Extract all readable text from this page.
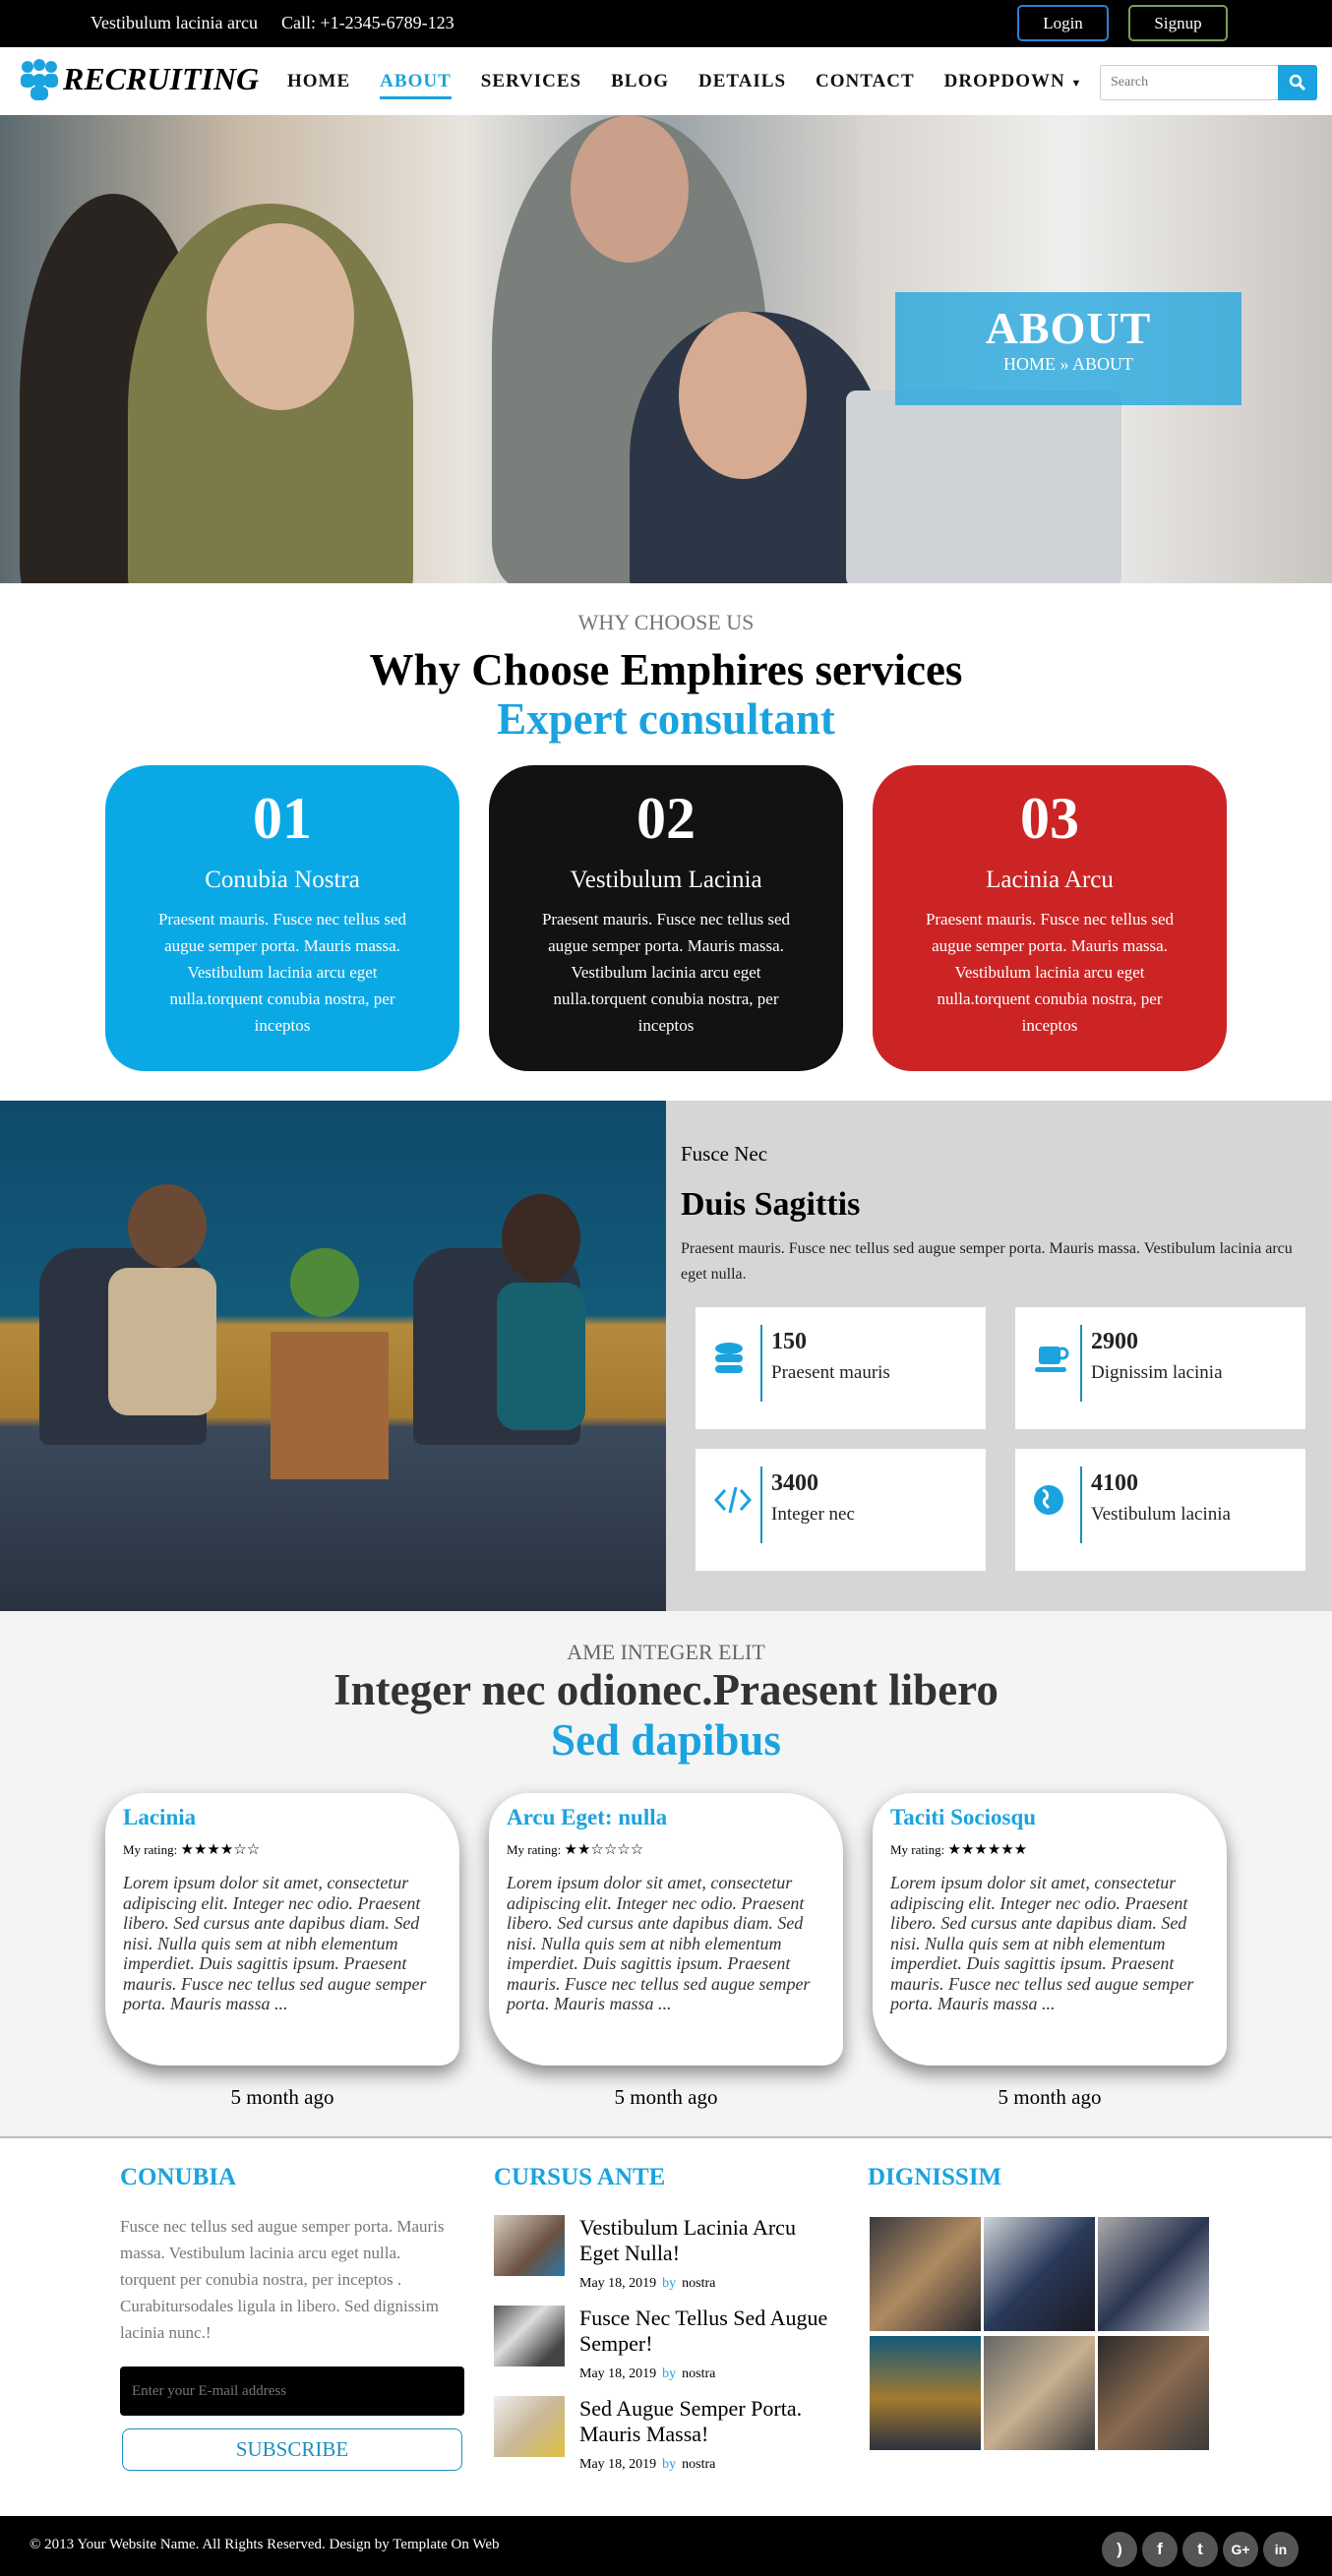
Vestibulum lacinia arcu Call: +1-2345-6789-123	Login	Signup
RECRUITING HOME ABOUT SERVICES BLOG DETAILS CONTACT DROPDOWN ▼
Search
ABOUT
HOME » ABOUT
WHY CHOOSE US
Why Choose Emphires services
Expert consultant
01
Conubia Nostra
Praesent mauris. Fusce nec tellus sed augue semper porta. Mauris massa. Vestibulum lacinia arcu eget nulla.torquent conubia nostra, per inceptos
02
Vestibulum Lacinia
Praesent mauris. Fusce nec tellus sed augue semper porta. Mauris massa. Vestibulum lacinia arcu eget nulla.torquent conubia nostra, per inceptos
03
Lacinia Arcu
Praesent mauris. Fusce nec tellus sed augue semper porta. Mauris massa. Vestibulum lacinia arcu eget nulla.torquent conubia nostra, per inceptos
Fusce Nec
Duis Sagittis
Praesent mauris. Fusce nec tellus sed augue semper porta. Mauris massa. Vestibulum lacinia arcu eget nulla.
150
Praesent mauris
2900
Dignissim lacinia
3400
Integer nec
4100
Vestibulum lacinia
AME INTEGER ELIT
Integer nec odionec.Praesent libero
Sed dapibus
Lacinia
My rating: ★★★★☆☆

Lorem ipsum dolor sit amet, consectetur adipiscing elit. Integer nec odio. Praesent libero. Sed cursus ante dapibus diam. Sed nisi. Nulla quis sem at nibh elementum imperdiet. Duis sagittis ipsum. Praesent mauris. Fusce nec tellus sed augue semper porta. Mauris massa ...

Arcu Eget: nulla
My rating: ★★☆☆☆☆

Lorem ipsum dolor sit amet, consectetur adipiscing elit. Integer nec odio. Praesent libero. Sed cursus ante dapibus diam. Sed nisi. Nulla quis sem at nibh elementum imperdiet. Duis sagittis ipsum. Praesent mauris. Fusce nec tellus sed augue semper porta. Mauris massa ...

Taciti Sociosqu
My rating: ★★★★★★

Lorem ipsum dolor sit amet, consectetur adipiscing elit. Integer nec odio. Praesent libero. Sed cursus ante dapibus diam. Sed nisi. Nulla quis sem at nibh elementum imperdiet. Duis sagittis ipsum. Praesent mauris. Fusce nec tellus sed augue semper porta. Mauris massa ...

5 month ago	5 month ago	5 month ago
CONUBIA
Fusce nec tellus sed augue semper porta. Mauris massa. Vestibulum lacinia arcu eget nulla. torquent per conubia nostra, per inceptos . Curabitursodales ligula in libero. Sed dignissim lacinia nunc.!
Enter your E-mail address
SUBSCRIBE
CURSUS ANTE
Vestibulum Lacinia Arcu Eget Nulla!
May 18, 2019 by nostra
Fusce Nec Tellus Sed Augue Semper!
May 18, 2019 by nostra
Sed Augue Semper Porta. Mauris Massa!
May 18, 2019 by nostra
DIGNISSIM
© 2013 Your Website Name. All Rights Reserved. Design by Template On Web	)	f	t	G+	in
